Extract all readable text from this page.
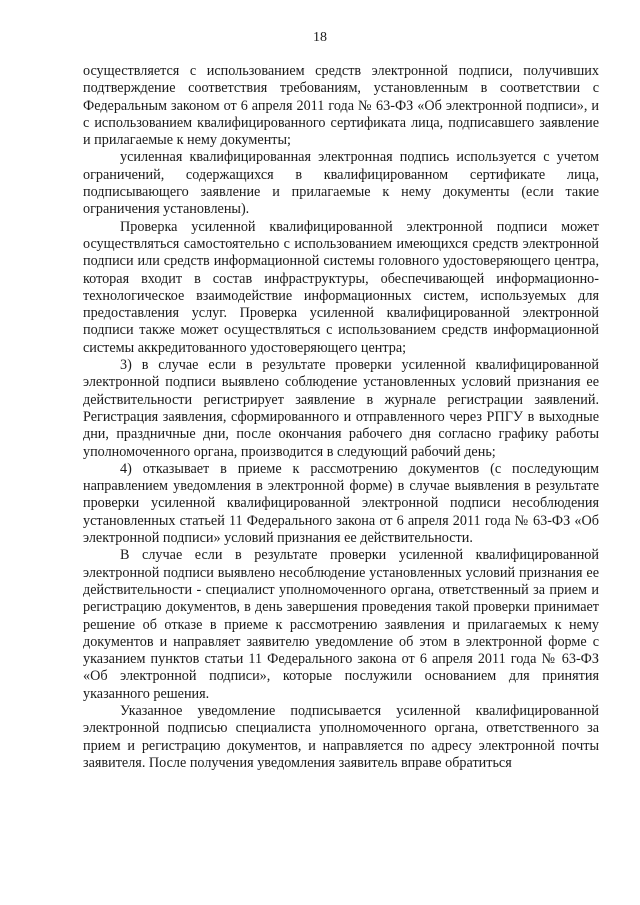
18

осуществляется с использованием средств электронной подписи, получивших подтверждение соответствия требованиям, установленным в соответствии с Федеральным законом от 6 апреля 2011 года № 63-ФЗ «Об электронной подписи», и с использованием квалифицированного сертификата лица, подписавшего заявление и прилагаемые к нему документы;

усиленная квалифицированная электронная подпись используется с учетом ограничений, содержащихся в квалифицированном сертификате лица, подписывающего заявление и прилагаемые к нему документы (если такие ограничения установлены).

Проверка усиленной квалифицированной электронной подписи может осуществляться самостоятельно с использованием имеющихся средств электронной подписи или средств информационной системы головного удостоверяющего центра, которая входит в состав инфраструктуры, обеспечивающей информационно-технологическое взаимодействие информационных систем, используемых для предоставления услуг. Проверка усиленной квалифицированной электронной подписи также может осуществляться с использованием средств информационной системы аккредитованного удостоверяющего центра;

3) в случае если в результате проверки усиленной квалифицированной электронной подписи выявлено соблюдение установленных условий признания ее действительности регистрирует заявление в журнале регистрации заявлений. Регистрация заявления, сформированного и отправленного через РПГУ в выходные дни, праздничные дни, после окончания рабочего дня согласно графику работы уполномоченного органа, производится в следующий рабочий день;

4) отказывает в приеме к рассмотрению документов (с последующим направлением уведомления в электронной форме) в случае выявления в результате проверки усиленной квалифицированной электронной подписи несоблюдения установленных статьей 11 Федерального закона от 6 апреля 2011 года № 63-ФЗ «Об электронной подписи» условий признания ее действительности.

В случае если в результате проверки усиленной квалифицированной электронной подписи выявлено несоблюдение установленных условий признания ее действительности - специалист уполномоченного органа, ответственный за прием и регистрацию документов, в день завершения проведения такой проверки принимает решение об отказе в приеме к рассмотрению заявления и прилагаемых к нему документов и направляет заявителю уведомление об этом в электронной форме с указанием пунктов статьи 11 Федерального закона от 6 апреля 2011 года № 63-ФЗ «Об электронной подписи», которые послужили основанием для принятия указанного решения.

Указанное уведомление подписывается усиленной квалифицированной электронной подписью специалиста уполномоченного органа, ответственного за прием и регистрацию документов, и направляется по адресу электронной почты заявителя. После получения уведомления заявитель вправе обратиться
